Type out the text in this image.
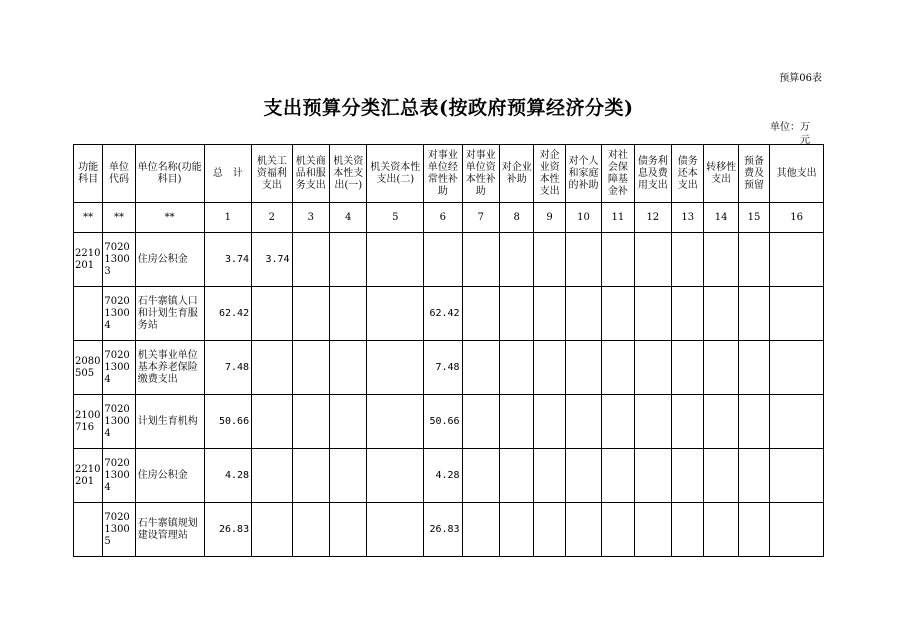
预算06表
支出预算分类汇总表(按政府预算经济分类)
单位：万元
功能科目	单位代码	单位名称(功能科目)	总　计	机关工资福利支出	机关商品和服务支出	机关资本性支出(一)	机关资本性支出(二)	对事业单位经常性补助	对事业单位资本性补助	对企业补助	对企业资本性支出	对个人和家庭的补助	对社会保障基金补	债务利息及费用支出	债务还本支出	转移性支出	预备费及预留	其他支出
**	**	**	1	2	3	4	5	6	7	8	9	10	11	12	13	14	15	16
2210201	702013003	住房公积金	3.74	3.74														
	702013004	石牛寨镇人口和计划生育服务站	62.42					62.42										
2080505	702013004	机关事业单位基本养老保险缴费支出	7.48					7.48										
2100716	702013004	计划生育机构	50.66					50.66										
2210201	702013004	住房公积金	4.28					4.28										
	702013005	石牛寨镇规划建设管理站	26.83					26.83										
